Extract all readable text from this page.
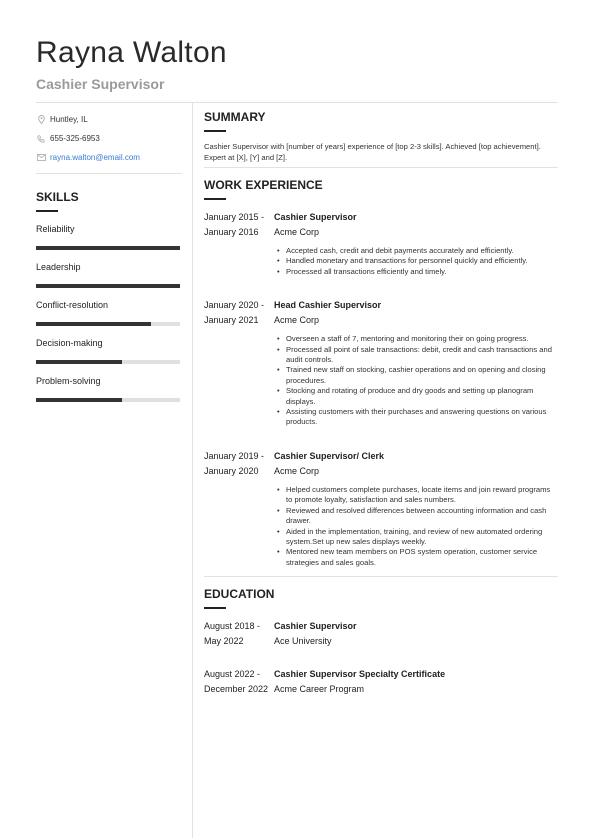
Rayna Walton
Cashier Supervisor
Huntley, IL
655-325-6953
rayna.walton@email.com
SKILLS
Reliability
Leadership
Conflict-resolution
Decision-making
Problem-solving
SUMMARY
Cashier Supervisor with [number of years] experience of [top 2-3 skills]. Achieved [top achievement]. Expert at [X], [Y] and [Z].
WORK EXPERIENCE
January 2015 -
January 2016
Cashier Supervisor
Acme Corp
• Accepted cash, credit and debit payments accurately and efficiently.
• Handled monetary and transactions for personnel quickly and efficiently.
• Processed all transactions efficiently and timely.
January 2020 -
January 2021
Head Cashier Supervisor
Acme Corp
• Overseen a staff of 7, mentoring and monitoring their on going progress.
• Processed all point of sale transactions: debit, credit and cash transactions and audit controls.
• Trained new staff on stocking, cashier operations and on opening and closing procedures.
• Stocking and rotating of produce and dry goods and setting up planogram displays.
• Assisting customers with their purchases and answering questions on various products.
January 2019 -
January 2020
Cashier Supervisor/ Clerk
Acme Corp
• Helped customers complete purchases, locate items and join reward programs to promote loyalty, satisfaction and sales numbers.
• Reviewed and resolved differences between accounting information and cash drawer.
• Aided in the implementation, training, and review of new automated ordering system.Set up new sales displays weekly.
• Mentored new team members on POS system operation, customer service strategies and sales goals.
EDUCATION
August 2018 -
May 2022
Cashier Supervisor
Ace University
August 2022 -
December 2022
Cashier Supervisor Specialty Certificate
Acme Career Program
